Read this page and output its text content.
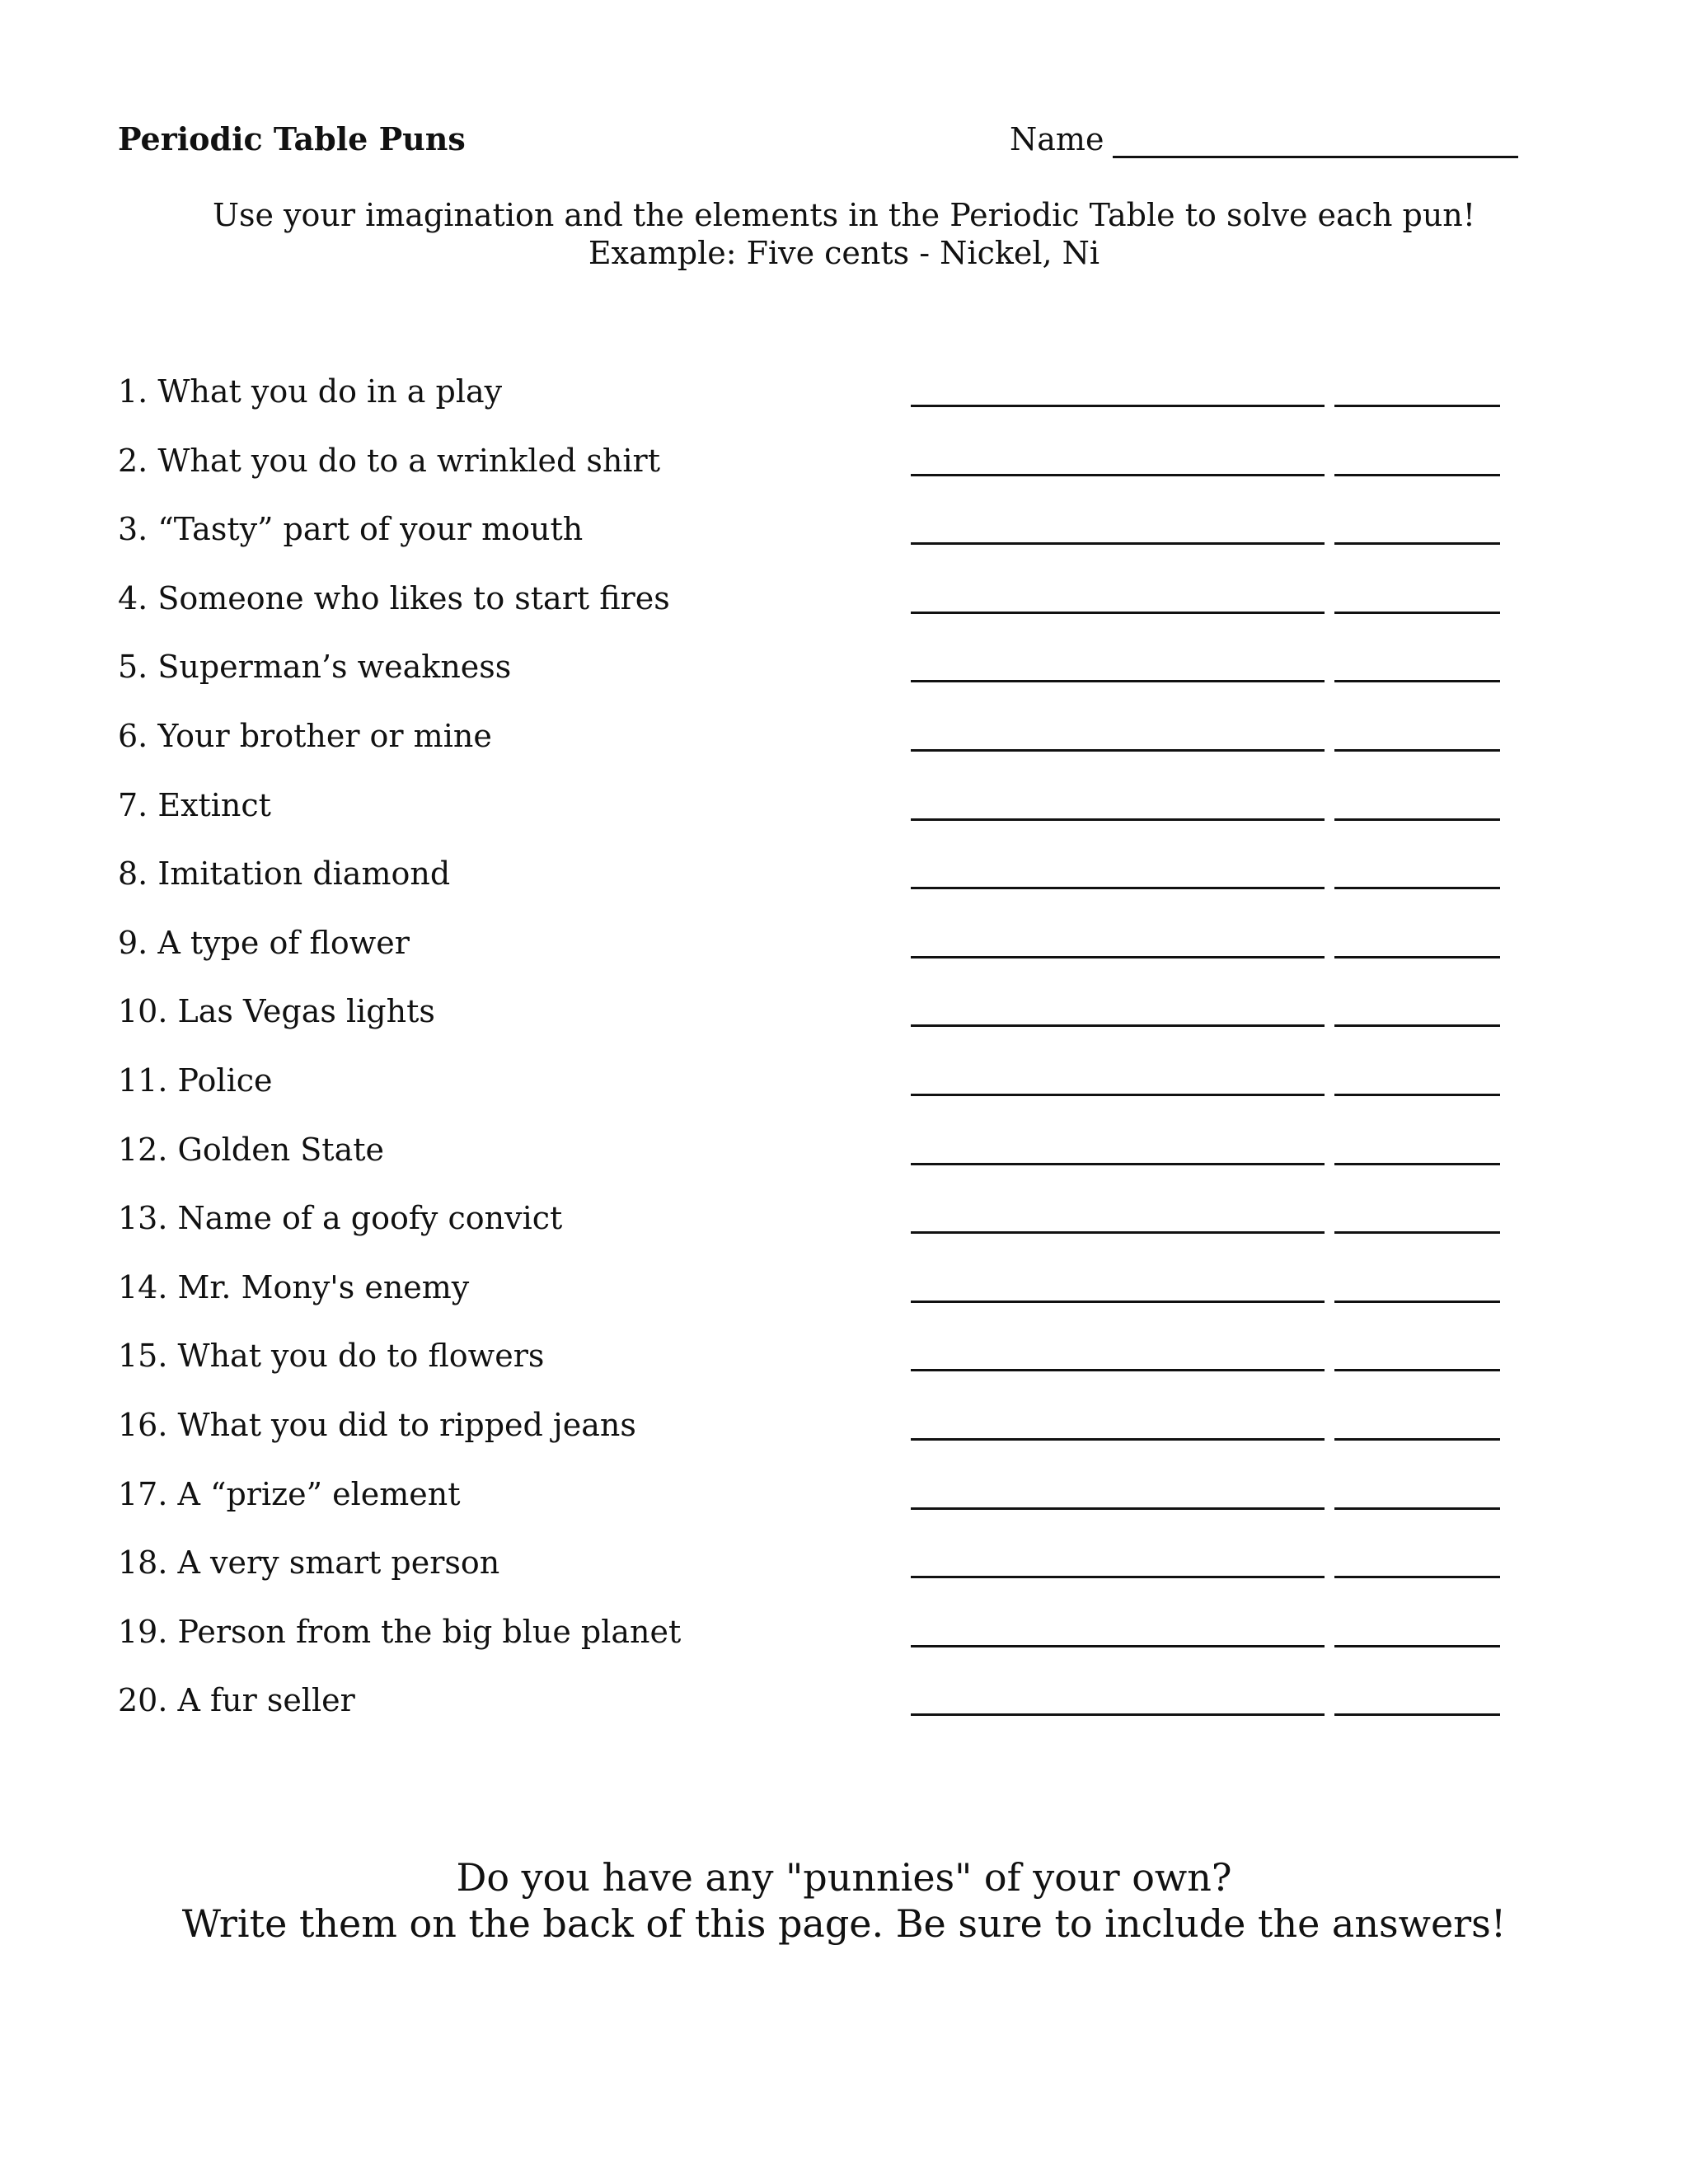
Periodic Table Puns	Name
Use your imagination and the elements in the Periodic Table to solve each pun!
Example: Five cents - Nickel, Ni
1. What you do in a play
2. What you do to a wrinkled shirt
3. “Tasty” part of your mouth
4. Someone who likes to start fires
5. Superman’s weakness
6. Your brother or mine
7. Extinct
8. Imitation diamond
9. A type of flower
10. Las Vegas lights
11. Police
12. Golden State
13. Name of a goofy convict
14. Mr. Mony's enemy
15. What you do to flowers
16. What you did to ripped jeans
17. A “prize” element
18. A very smart person
19. Person from the big blue planet
20. A fur seller
Do you have any "punnies" of your own?
Write them on the back of this page. Be sure to include the answers!
